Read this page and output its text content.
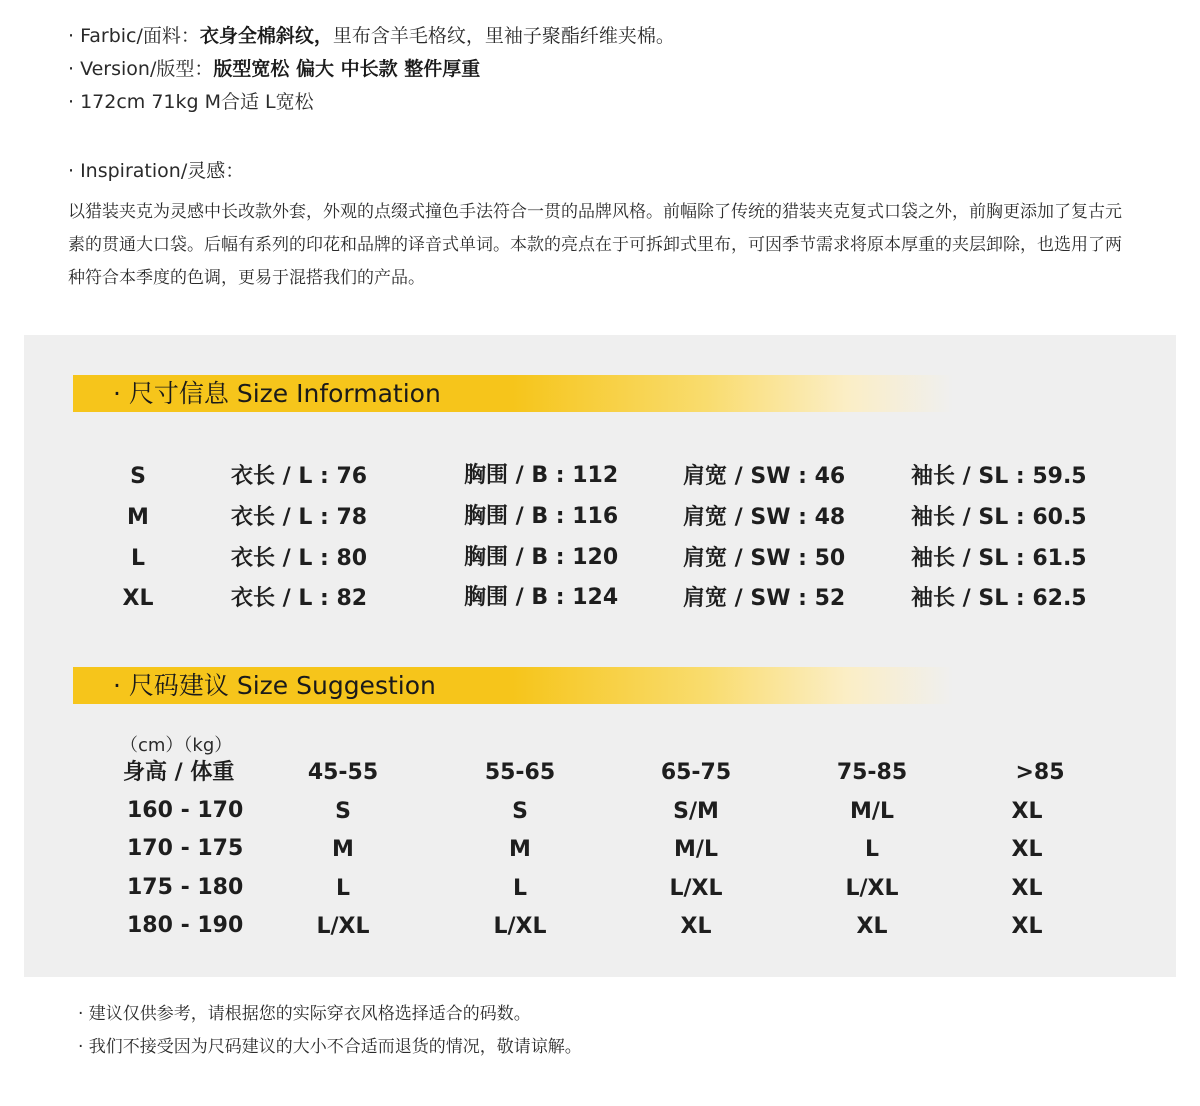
· Farbic/面料：衣身全棉斜纹，里布含羊毛格纹，里袖子聚酯纤维夹棉。
· Version/版型：版型宽松 偏大 中长款 整件厚重
· 172cm 71kg M合适 L宽松
· Inspiration/灵感：
以猎装夹克为灵感中长改款外套，外观的点缀式撞色手法符合一贯的品牌风格。前幅除了传统的猎装夹克复式口袋之外，前胸更添加了复古元素的贯通大口袋。后幅有系列的印花和品牌的译音式单词。本款的亮点在于可拆卸式里布，可因季节需求将原本厚重的夹层卸除，也选用了两种符合本季度的色调，更易于混搭我们的产品。
· 尺寸信息 Size Information
S	衣长 / L : 76	胸围 / B : 112	肩宽 / SW : 46	袖长 / SL : 59.5
M	衣长 / L : 78	胸围 / B : 116	肩宽 / SW : 48	袖长 / SL : 60.5
L	衣长 / L : 80	胸围 / B : 120	肩宽 / SW : 50	袖长 / SL : 61.5
XL	衣长 / L : 82	胸围 / B : 124	肩宽 / SW : 52	袖长 / SL : 62.5
· 尺码建议 Size Suggestion
（cm）（kg）
身高 / 体重	45-55	55-65	65-75	75-85	>85
160 - 170	S	S	S/M	M/L	XL
170 - 175	M	M	M/L	L	XL
175 - 180	L	L	L/XL	L/XL	XL
180 - 190	L/XL	L/XL	XL	XL	XL
· 建议仅供参考，请根据您的实际穿衣风格选择适合的码数。
· 我们不接受因为尺码建议的大小不合适而退货的情况，敬请谅解。
